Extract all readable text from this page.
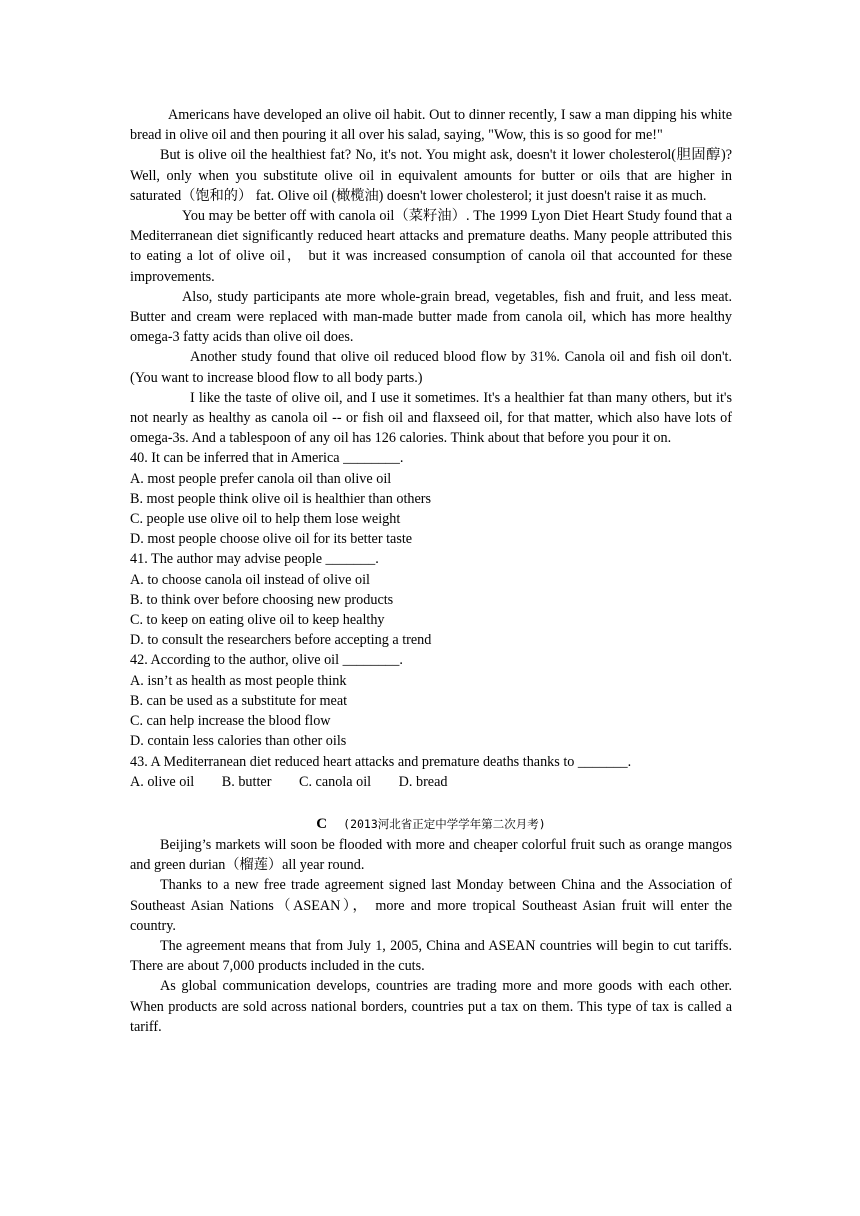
Americans have developed an olive oil habit. Out to dinner recently, I saw a man dipping his white bread in olive oil and then pouring it all over his salad, saying, "Wow, this is so good for me!"

But is olive oil the healthiest fat? No, it's not. You might ask, doesn't it lower cholesterol(胆固醇)? Well, only when you substitute olive oil in equivalent amounts for butter or oils that are higher in saturated（饱和的） fat. Olive oil (橄榄油) doesn't lower cholesterol; it just doesn't raise it as much.

You may be better off with canola oil（菜籽油）. The 1999 Lyon Diet Heart Study found that a Mediterranean diet significantly reduced heart attacks and premature deaths. Many people attributed this to eating a lot of olive oil， but it was increased consumption of canola oil that accounted for these improvements.

Also, study participants ate more whole-grain bread, vegetables, fish and fruit, and less meat. Butter and cream were replaced with man-made butter made from canola oil, which has more healthy omega-3 fatty acids than olive oil does.

Another study found that olive oil reduced blood flow by 31%. Canola oil and fish oil don't. (You want to increase blood flow to all body parts.)

I like the taste of olive oil, and I use it sometimes. It's a healthier fat than many others, but it's not nearly as healthy as canola oil -- or fish oil and flaxseed oil, for that matter, which also have lots of omega-3s. And a tablespoon of any oil has 126 calories. Think about that before you pour it on.

40. It can be inferred that in America ________.

A. most people prefer canola oil than olive oil

B. most people think olive oil is healthier than others

C. people use olive oil to help them lose weight

D. most people choose olive oil for its better taste

41. The author may advise people _______.

A. to choose canola oil instead of olive oil

B. to think over before choosing new products

C. to keep on eating olive oil to keep healthy

D. to consult the researchers before accepting a trend

42. According to the author, olive oil ________.

A. isn’t as health as most people think

B. can be used as a substitute for meat

C. can help increase the blood flow

D. contain less calories than other oils

43. A Mediterranean diet reduced heart attacks and premature deaths thanks to _______.

A. olive oil B. butter C. canola oil D. bread

C (2013河北省正定中学学年第二次月考)

Beijing’s markets will soon be flooded with more and cheaper colorful fruit such as orange mangos and green durian（榴莲）all year round.

Thanks to a new free trade agreement signed last Monday between China and the Association of Southeast Asian Nations（ASEAN）， more and more tropical Southeast Asian fruit will enter the country.

The agreement means that from July 1, 2005, China and ASEAN countries will begin to cut tariffs. There are about 7,000 products included in the cuts.

As global communication develops, countries are trading more and more goods with each other. When products are sold across national borders, countries put a tax on them. This type of tax is called a tariff.
